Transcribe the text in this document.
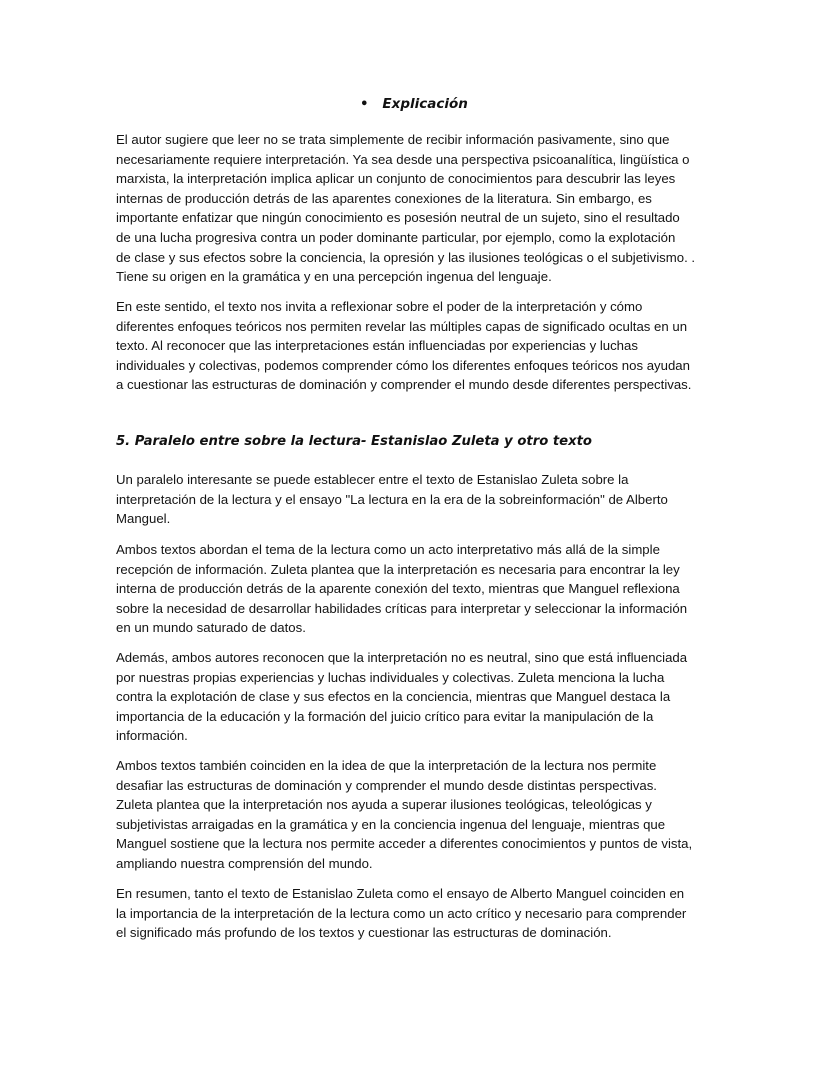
• Explicación

El autor sugiere que leer no se trata simplemente de recibir información pasivamente, sino que
necesariamente requiere interpretación. Ya sea desde una perspectiva psicoanalítica, lingüística o
marxista, la interpretación implica aplicar un conjunto de conocimientos para descubrir las leyes
internas de producción detrás de las aparentes conexiones de la literatura. Sin embargo, es
importante enfatizar que ningún conocimiento es posesión neutral de un sujeto, sino el resultado
de una lucha progresiva contra un poder dominante particular, por ejemplo, como la explotación
de clase y sus efectos sobre la conciencia, la opresión y las ilusiones teológicas o el subjetivismo. .
Tiene su origen en la gramática y en una percepción ingenua del lenguaje.

En este sentido, el texto nos invita a reflexionar sobre el poder de la interpretación y cómo
diferentes enfoques teóricos nos permiten revelar las múltiples capas de significado ocultas en un
texto. Al reconocer que las interpretaciones están influenciadas por experiencias y luchas
individuales y colectivas, podemos comprender cómo los diferentes enfoques teóricos nos ayudan
a cuestionar las estructuras de dominación y comprender el mundo desde diferentes perspectivas.

5. Paralelo entre sobre la lectura- Estanislao Zuleta y otro texto

Un paralelo interesante se puede establecer entre el texto de Estanislao Zuleta sobre la
interpretación de la lectura y el ensayo "La lectura en la era de la sobreinformación" de Alberto
Manguel.

Ambos textos abordan el tema de la lectura como un acto interpretativo más allá de la simple
recepción de información. Zuleta plantea que la interpretación es necesaria para encontrar la ley
interna de producción detrás de la aparente conexión del texto, mientras que Manguel reflexiona
sobre la necesidad de desarrollar habilidades críticas para interpretar y seleccionar la información
en un mundo saturado de datos.

Además, ambos autores reconocen que la interpretación no es neutral, sino que está influenciada
por nuestras propias experiencias y luchas individuales y colectivas. Zuleta menciona la lucha
contra la explotación de clase y sus efectos en la conciencia, mientras que Manguel destaca la
importancia de la educación y la formación del juicio crítico para evitar la manipulación de la
información.

Ambos textos también coinciden en la idea de que la interpretación de la lectura nos permite
desafiar las estructuras de dominación y comprender el mundo desde distintas perspectivas.
Zuleta plantea que la interpretación nos ayuda a superar ilusiones teológicas, teleológicas y
subjetivistas arraigadas en la gramática y en la conciencia ingenua del lenguaje, mientras que
Manguel sostiene que la lectura nos permite acceder a diferentes conocimientos y puntos de vista,
ampliando nuestra comprensión del mundo.

En resumen, tanto el texto de Estanislao Zuleta como el ensayo de Alberto Manguel coinciden en
la importancia de la interpretación de la lectura como un acto crítico y necesario para comprender
el significado más profundo de los textos y cuestionar las estructuras de dominación.
